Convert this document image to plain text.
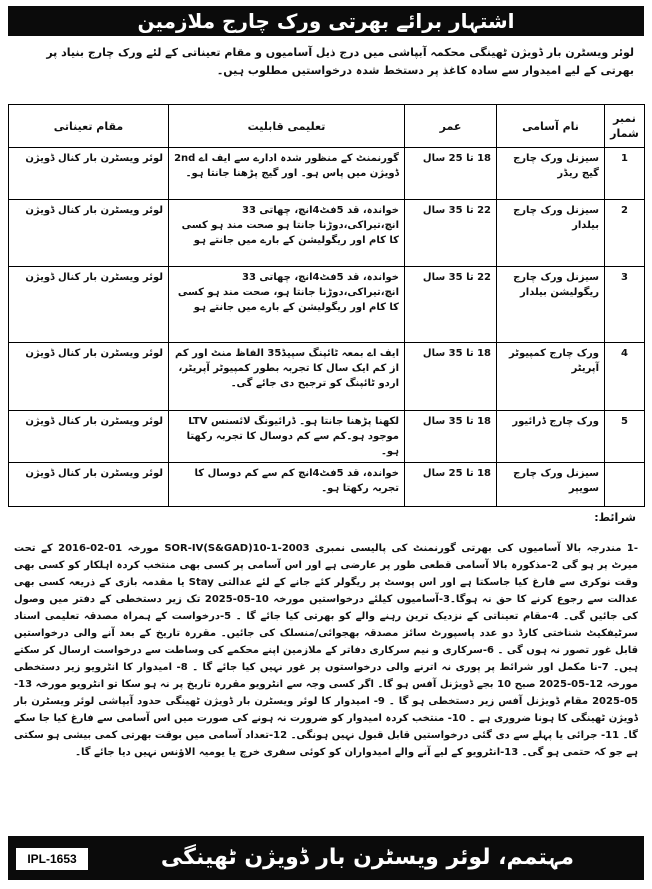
اشتہار برائے بھرتی ورک چارج ملازمین
لوئر ویسٹرن بار ڈویژن ٹھینگی محکمہ آبپاشی میں درج ذیل آسامیوں و مقام تعیناتی کے لئے ورک چارج بنیاد پر بھرتی کے لیے امیدوار سے سادہ کاغذ پر دستخط شدہ درخواستیں مطلوب ہیں۔
نمبر شمار	نام آسامی	عمر	تعلیمی قابلیت	مقام تعیناتی
1	سیزنل ورک چارج گیج ریڈر	18 تا 25 سال	گورنمنٹ کے منظور شدہ ادارے سے ایف اے 2nd ڈویژن میں پاس ہو۔ اور گیج پڑھنا جانتا ہو۔	لوئر ویسٹرن بار کنال ڈویژن
2	سیزنل ورک چارج بیلدار	22 تا 35 سال	خواندہ، قد 5فٹ4انچ، چھاتی 33 انچ،تیراکی،دوڑنا جانتا ہو صحت مند ہو کسی کا کام اور ریگولیشن کے بارے میں جانتے ہو	لوئر ویسٹرن بار کنال ڈویژن
3	سیزنل ورک چارج ریگولیشن بیلدار	22 تا 35 سال	خواندہ، قد 5فٹ4انچ، چھاتی 33 انچ،تیراکی،دوڑنا جانتا ہو، صحت مند ہو کسی کا کام اور ریگولیشن کے بارے میں جانتے ہو	لوئر ویسٹرن بار کنال ڈویژن
4	ورک چارج کمپیوٹر آپریٹر	18 تا 35 سال	ایف اے بمعہ ٹائپنگ سپیڈ35 الفاظ منٹ اور کم از کم ایک سال کا تجربہ بطور کمپیوٹر آپریٹر، اردو ٹائپنگ کو ترجیح دی جائے گی۔	لوئر ویسٹرن بار کنال ڈویژن
5	ورک چارج ڈرائیور	18 تا 35 سال	لکھنا پڑھنا جانتا ہو۔ ڈرائیونگ لائسنس LTV موجود ہو۔کم سے کم دوسال کا تجربہ رکھتا ہو۔	لوئر ویسٹرن بار کنال ڈویژن
	سیزنل ورک چارج سویپر	18 تا 25 سال	خواندہ، قد 5فٹ4انچ کم سے کم دوسال کا تجربہ رکھتا ہو۔	لوئر ویسٹرن بار کنال ڈویژن
شرائط:
-1 مندرجہ بالا آسامیوں کی بھرتی گورنمنٹ کی پالیسی نمبری SOR-IV(S&GAD)10-1-2003 مورخہ 01-02-2016 کے تحت میرٹ پر ہو گی 2-مذکورہ بالا آسامی قطعی طور پر عارضی ہے اور اس آسامی پر کسی بھی منتخب کردہ اہلکار کو کسی بھی وقت نوکری سے فارغ کیا جاسکتا ہے اور اس پوسٹ پر ریگولر کئے جانے کے لئے عدالتی Stay یا مقدمہ بازی کے ذریعہ کسی بھی عدالت سے رجوع کرنے کا حق نہ ہوگا۔3-آسامیوں کیلئے درخواستیں مورخہ 10-05-2025 تک زیر دستخطی کے دفتر میں وصول کی جائیں گی۔ 4-مقام تعیناتی کے نزدیک ترین رہنے والے کو بھرتی کیا جائے گا ۔ 5-درخواست کے ہمراہ مصدقہ تعلیمی اسناد سرٹیفکیٹ شناختی کارڈ دو عدد پاسپورٹ سائز مصدقہ بھجوائی/منسلک کی جائیں۔ مقررہ تاریخ کے بعد آنے والی درخواستیں قابل غور تصور نہ ہوں گی ۔ 6-سرکاری و نیم سرکاری دفاتر کے ملازمین اپنے محکمے کی وساطت سے درخواست ارسال کر سکتے ہیں۔ 7-نا مکمل اور شرائط پر پوری نہ اترنے والی درخواستوں پر غور نہیں کیا جائے گا ۔ 8- امیدوار کا انٹرویو زیر دستخطی مورخہ 12-05-2025 صبح 10 بجے ڈویژنل آفس ہو گا۔ اگر کسی وجہ سے انٹرویو مقررہ تاریخ پر نہ ہو سکا تو انٹرویو مورخہ 13-05-2025 مقام ڈویژنل آفس زیر دستخطی ہو گا ۔ 9- امیدوار کا لوئر ویسٹرن بار ڈویژن ٹھینگی حدود آبپاشی لوئر ویسٹرن بار ڈویژن ٹھینگی کا ہونا ضروری ہے ۔ 10- منتخب کردہ امیدوار کو ضرورت نہ ہونے کی صورت میں اس آسامی سے فارغ کیا جا سکے گا۔ 11- جرائی یا پہلے سے دی گئی درخواستیں قابل قبول نہیں ہونگی۔ 12-تعداد آسامی میں بوقت بھرتی کمی بیشی ہو سکتی ہے جو کہ حتمی ہو گی۔ 13-انٹرویو کے لیے آنے والے امیدواران کو کوئی سفری خرچ یا یومیہ الاؤنس نہیں دیا جائے گا۔
مہتمم، لوئر ویسٹرن بار ڈویژن ٹھینگی
IPL-1653
